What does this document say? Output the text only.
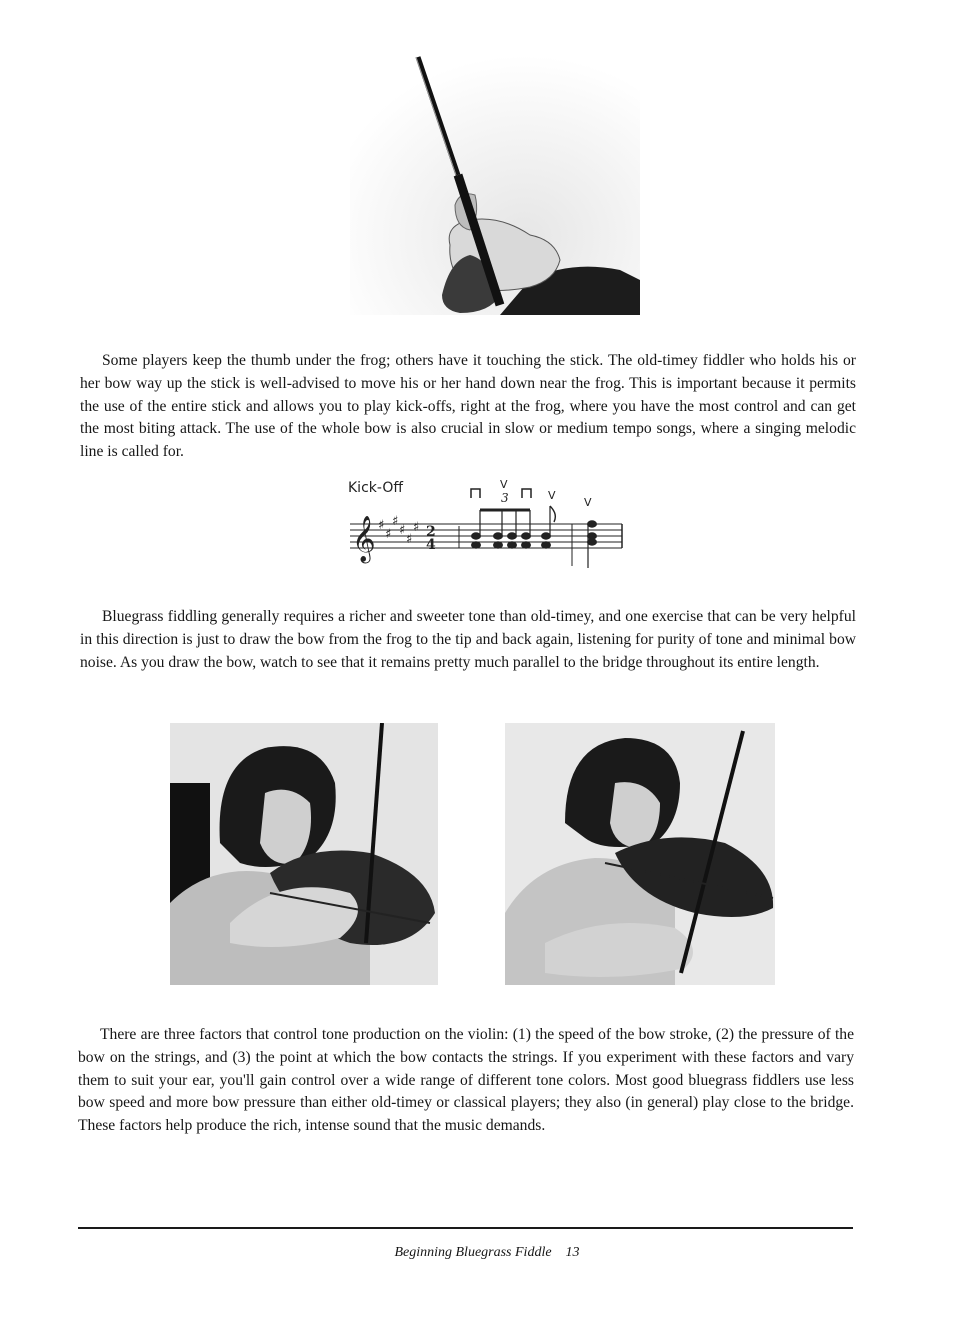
Some players keep the thumb under the frog; others have it touching the stick. The old-timey fiddler who holds his or her bow way up the stick is well-advised to move his or her hand down near the frog. This is important because it permits the use of the entire stick and allows you to play kick-offs, right at the frog, where you have the most control and can get the most biting attack. The use of the whole bow is also crucial in slow or medium tempo songs, where a singing melodic line is called for.

Kick-Off	V
3	V
V
𝄞 ♯
♯
♯
♯
♯
♯ 2
4

Bluegrass fiddling generally requires a richer and sweeter tone than old-timey, and one exercise that can be very helpful in this direction is just to draw the bow from the frog to the tip and back again, listening for purity of tone and minimal bow noise. As you draw the bow, watch to see that it remains pretty much parallel to the bridge throughout its entire length.

There are three factors that control tone production on the violin: (1) the speed of the bow stroke, (2) the pressure of the bow on the strings, and (3) the point at which the bow contacts the strings. If you experiment with these factors and vary them to suit your ear, you'll gain control over a wide range of different tone colors. Most good bluegrass fiddlers use less bow speed and more bow pressure than either old-timey or classical players; they also (in general) play close to the bridge. These factors help produce the rich, intense sound that the music demands.

Beginning Bluegrass Fiddle 13
